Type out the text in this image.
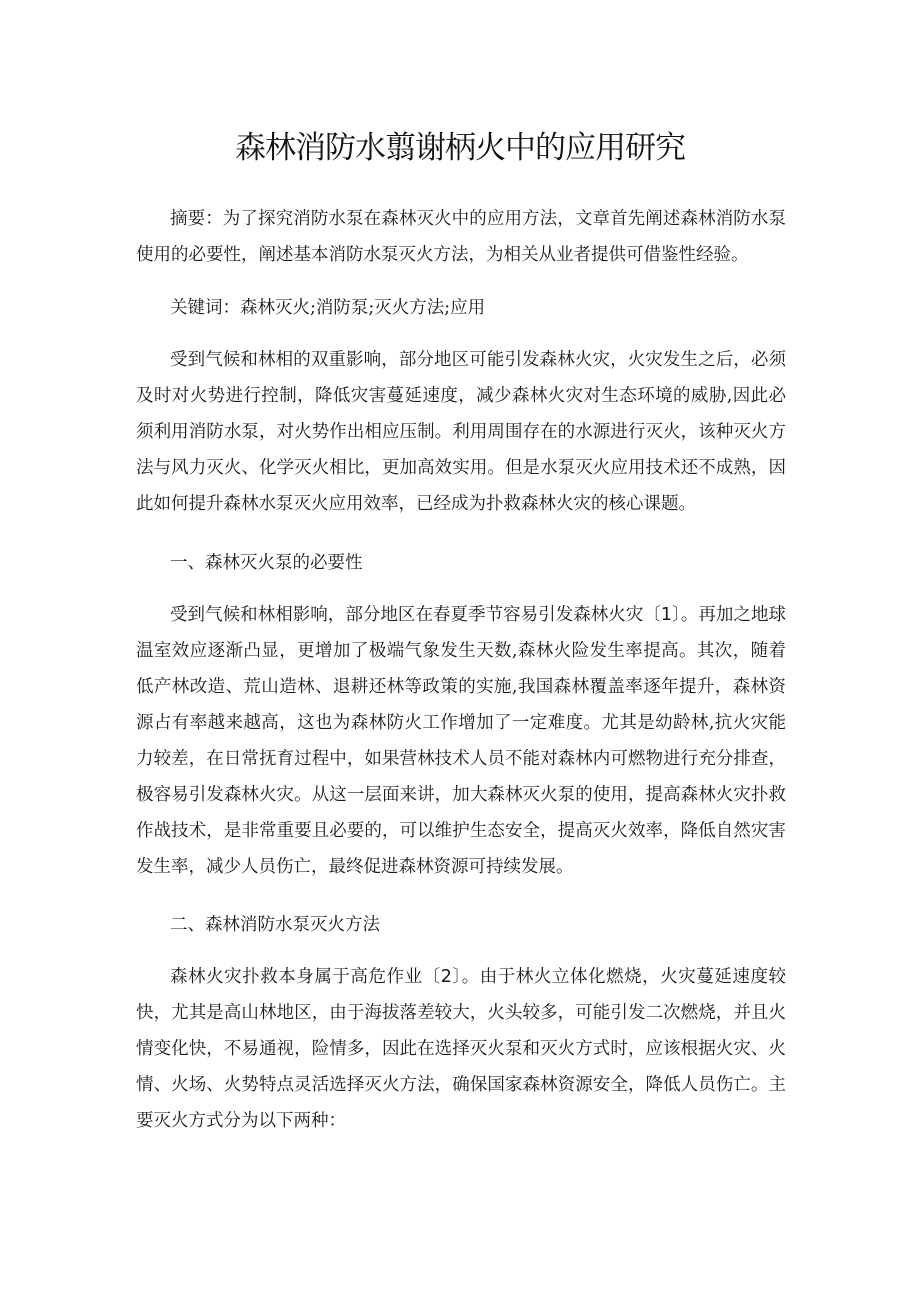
森林消防水翦谢柄火中的应用研究

摘要：为了探究消防水泵在森林灭火中的应用方法，文章首先阐述森林消防水泵使用的必要性，阐述基本消防水泵灭火方法，为相关从业者提供可借鉴性经验。

关键词：森林灭火;消防泵;灭火方法;应用

受到气候和林相的双重影响，部分地区可能引发森林火灾，火灾发生之后，必须及时对火势进行控制，降低灾害蔓延速度，减少森林火灾对生态环境的威胁,因此必须利用消防水泵，对火势作出相应压制。利用周围存在的水源进行灭火，该种灭火方法与风力灭火、化学灭火相比，更加高效实用。但是水泵灭火应用技术还不成熟，因此如何提升森林水泵灭火应用效率，已经成为扑救森林火灾的核心课题。

一、森林灭火泵的必要性

受到气候和林相影响，部分地区在春夏季节容易引发森林火灾〔1〕。再加之地球温室效应逐渐凸显，更增加了极端气象发生天数,森林火险发生率提高。其次，随着低产林改造、荒山造林、退耕还林等政策的实施,我国森林覆盖率逐年提升，森林资源占有率越来越高，这也为森林防火工作增加了一定难度。尤其是幼龄林,抗火灾能力较差，在日常抚育过程中，如果营林技术人员不能对森林内可燃物进行充分排查，极容易引发森林火灾。从这一层面来讲，加大森林灭火泵的使用，提高森林火灾扑救作战技术，是非常重要且必要的，可以维护生态安全，提高灭火效率，降低自然灾害发生率，减少人员伤亡，最终促进森林资源可持续发展。

二、森林消防水泵灭火方法

森林火灾扑救本身属于高危作业〔2〕。由于林火立体化燃烧，火灾蔓延速度较快，尤其是高山林地区，由于海拔落差较大，火头较多，可能引发二次燃烧，并且火情变化快，不易通视，险情多，因此在选择灭火泵和灭火方式时，应该根据火灾、火情、火场、火势特点灵活选择灭火方法，确保国家森林资源安全，降低人员伤亡。主要灭火方式分为以下两种：
